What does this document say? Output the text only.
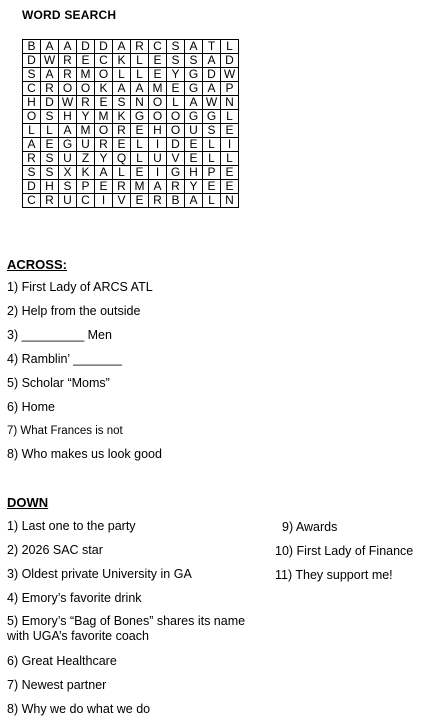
WORD SEARCH
B	A	A	D	D	A	R	C	S	A	T	L
D	W	R	E	C	K	L	E	S	S	A	D
S	A	R	M	O	L	L	E	Y	G	D	W
C	R	O	O	K	A	A	M	E	G	A	P
H	D	W	R	E	S	N	O	L	A	W	N
O	S	H	Y	M	K	G	O	O	G	G	L
L	L	A	M	O	R	E	H	O	U	S	E
A	E	G	U	R	E	L	I	D	E	L	I
R	S	U	Z	Y	Q	L	U	V	E	L	L
S	S	X	K	A	L	E	I	G	H	P	E
D	H	S	P	E	R	M	A	R	Y	E	E
C	R	U	C	I	V	E	R	B	A	L	N
ACROSS:
1) First Lady of ARCS ATL
2) Help from the outside
3) _________ Men
4) Ramblin’ _______
5) Scholar “Moms”
6) Home
7) What Frances is not
8) Who makes us look good
DOWN
1) Last one to the party
2) 2026 SAC star
3) Oldest private University in GA
4) Emory’s favorite drink
5) Emory’s “Bag of Bones” shares its name with UGA’s favorite coach
6) Great Healthcare
7) Newest partner
8) Why we do what we do
9) Awards
10) First Lady of Finance
11) They support me!
